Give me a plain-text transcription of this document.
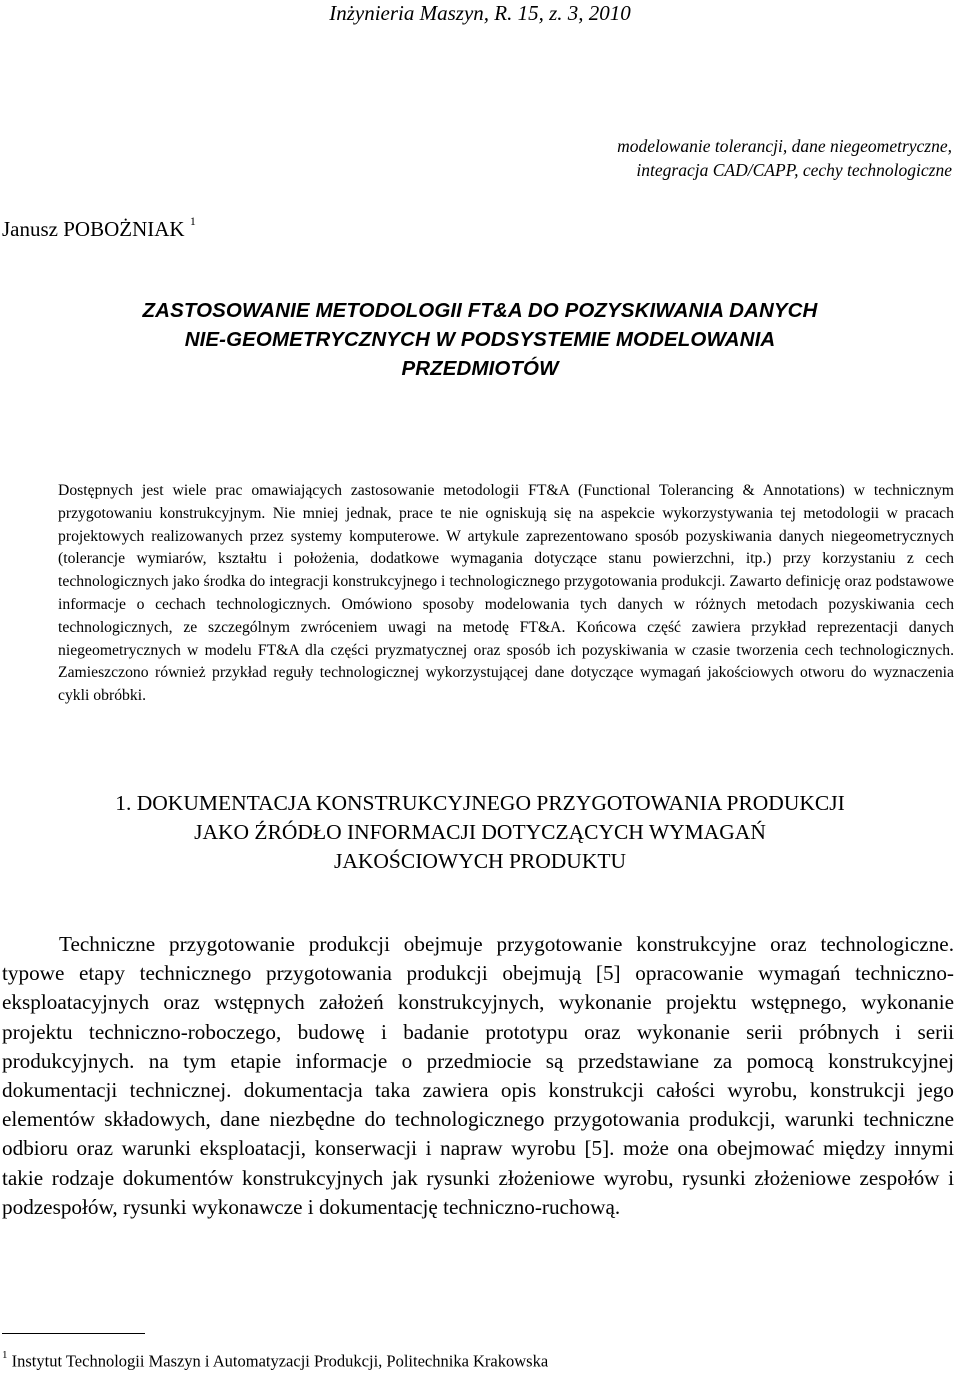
Inżynieria Maszyn, R. 15, z. 3, 2010
modelowanie tolerancji, dane niegeometryczne,
integracja CAD/CAPP, cechy technologiczne
Janusz POBOŻNIAK $^1$
ZASTOSOWANIE METODOLOGII FT&A DO POZYSKIWANIA DANYCH
NIE-GEOMETRYCZNYCH W PODSYSTEMIE MODELOWANIA
PRZEDMIOTÓW

Dostępnych jest wiele prac omawiających zastosowanie metodologii FT&A (Functional Tolerancing & Annotations) w technicznym przygotowaniu konstrukcyjnym. Nie mniej jednak, prace te nie ogniskują się na aspekcie wykorzystywania tej metodologii w pracach projektowych realizowanych przez systemy komputerowe. W artykule zaprezentowano sposób pozyskiwania danych niegeometrycznych (tolerancje wymiarów, kształtu i położenia, dodatkowe wymagania dotyczące stanu powierzchni, itp.) przy korzystaniu z cech technologicznych jako środka do integracji konstrukcyjnego i technologicznego przygotowania produkcji. Zawarto definicję oraz podstawowe informacje o cechach technologicznych. Omówiono sposoby modelowania tych danych w różnych metodach pozyskiwania cech technologicznych, ze szczególnym zwróceniem uwagi na metodę FT&A. Końcowa część zawiera przykład reprezentacji danych niegeometrycznych w modelu FT&A dla części pryzmatycznej oraz sposób ich pozyskiwania w czasie tworzenia cech technologicznych. Zamieszczono również przykład reguły technologicznej wykorzystującej dane dotyczące wymagań jakościowych otworu do wyznaczenia cykli obróbki.

1. DOKUMENTACJA KONSTRUKCYJNEGO PRZYGOTOWANIA PRODUKCJI
JAKO ŹRÓDŁO INFORMACJI DOTYCZĄCYCH WYMAGAŃ
JAKOŚCIOWYCH PRODUKTU

Techniczne przygotowanie produkcji obejmuje przygotowanie konstrukcyjne oraz technologiczne. typowe etapy technicznego przygotowania produkcji obejmują [5] opracowanie wymagań techniczno- eksploatacyjnych oraz wstępnych założeń konstrukcyjnych, wykonanie projektu wstępnego, wykonanie projektu techniczno-roboczego, budowę i badanie prototypu oraz wykonanie serii próbnych i serii produkcyjnych. na tym etapie informacje o przedmiocie są przedstawiane za pomocą konstrukcyjnej dokumentacji technicznej. dokumentacja taka zawiera opis konstrukcji całości wyrobu, konstrukcji jego elementów składowych, dane niezbędne do technologicznego przygotowania produkcji, warunki techniczne odbioru oraz warunki eksploatacji, konserwacji i napraw wyrobu [5]. może ona obejmować między innymi takie rodzaje dokumentów konstrukcyjnych jak rysunki złożeniowe wyrobu, rysunki złożeniowe zespołów i podzespołów, rysunki wykonawcze i dokumentację techniczno-ruchową.

$^1$ Instytut Technologii Maszyn i Automatyzacji Produkcji, Politechnika Krakowska
